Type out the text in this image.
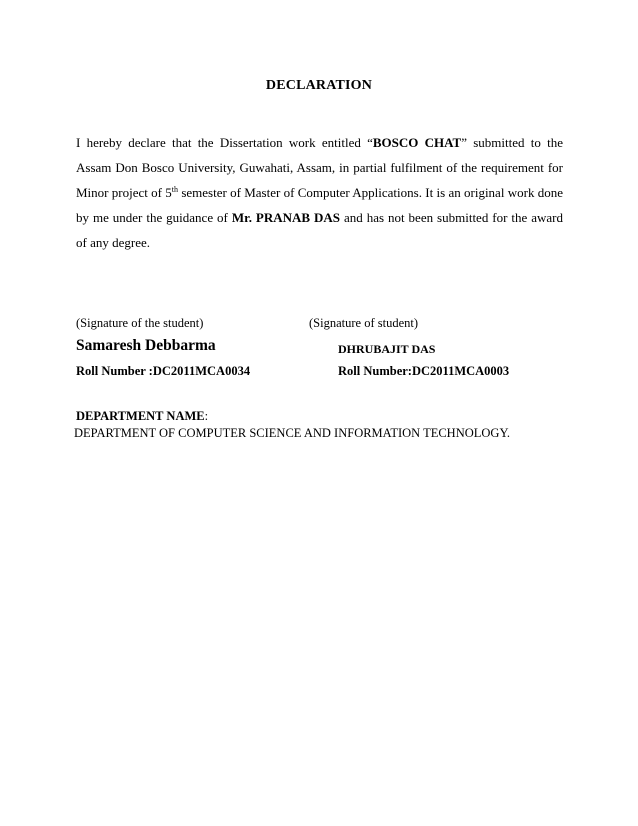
DECLARATION
I hereby declare that the Dissertation work entitled “BOSCO CHAT” submitted to the Assam Don Bosco University, Guwahati, Assam, in partial fulfilment of the requirement for Minor project of 5th semester of Master of Computer Applications. It is an original work done by me under the guidance of Mr. PRANAB DAS and has not been submitted for the award of any degree.
(Signature of the student)	(Signature of student)
Samaresh Debbarma	DHRUBAJIT DAS
Roll Number :DC2011MCA0034	Roll Number:DC2011MCA0003
DEPARTMENT NAME:
DEPARTMENT OF COMPUTER SCIENCE AND INFORMATION TECHNOLOGY.
